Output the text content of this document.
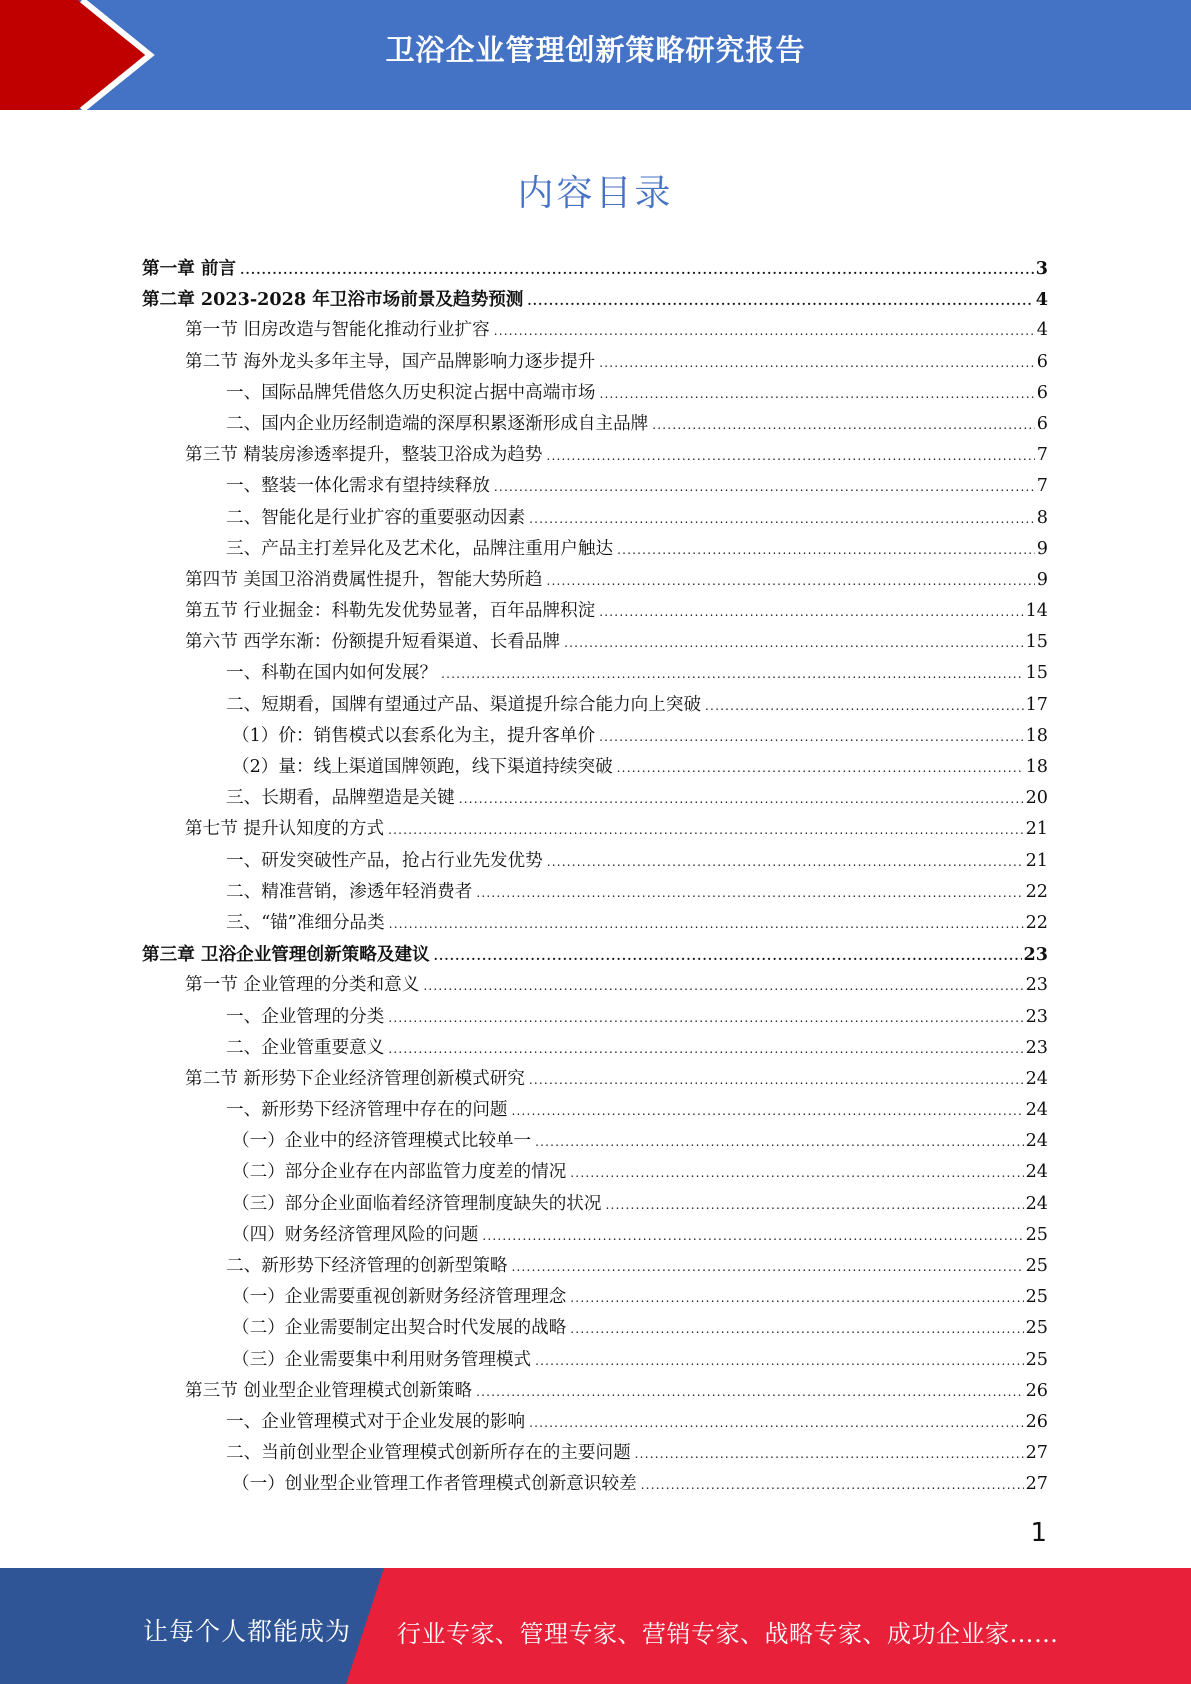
卫浴企业管理创新策略研究报告
内容目录
第一章 前言 .....	3
第二章 2023-2028 年卫浴市场前景及趋势预测 .....	4
第一节 旧房改造与智能化推动行业扩容 .....	4
第二节 海外龙头多年主导，国产品牌影响力逐步提升 .....	6
一、国际品牌凭借悠久历史积淀占据中高端市场 .....	6
二、国内企业历经制造端的深厚积累逐渐形成自主品牌 .....	6
第三节 精装房渗透率提升，整装卫浴成为趋势 .....	7
一、整装一体化需求有望持续释放 .....	7
二、智能化是行业扩容的重要驱动因素 .....	8
三、产品主打差异化及艺术化，品牌注重用户触达 .....	9
第四节 美国卫浴消费属性提升，智能大势所趋 .....	9
第五节 行业掘金：科勒先发优势显著，百年品牌积淀 .....	14
第六节 西学东渐：份额提升短看渠道、长看品牌 .....	15
一、科勒在国内如何发展？ .....	15
二、短期看，国牌有望通过产品、渠道提升综合能力向上突破 .....	17
（1）价：销售模式以套系化为主，提升客单价 .....	18
（2）量：线上渠道国牌领跑，线下渠道持续突破 .....	18
三、长期看，品牌塑造是关键 .....	20
第七节 提升认知度的方式 .....	21
一、研发突破性产品，抢占行业先发优势 .....	21
二、精准营销，渗透年轻消费者 .....	22
三、“锚”准细分品类 .....	22
第三章 卫浴企业管理创新策略及建议 .....	23
第一节 企业管理的分类和意义 .....	23
一、企业管理的分类 .....	23
二、企业管重要意义 .....	23
第二节 新形势下企业经济管理创新模式研究 .....	24
一、新形势下经济管理中存在的问题 .....	24
（一）企业中的经济管理模式比较单一 .....	24
（二）部分企业存在内部监管力度差的情况 .....	24
（三）部分企业面临着经济管理制度缺失的状况 .....	24
（四）财务经济管理风险的问题 .....	25
二、新形势下经济管理的创新型策略 .....	25
（一）企业需要重视创新财务经济管理理念 .....	25
（二）企业需要制定出契合时代发展的战略 .....	25
（三）企业需要集中利用财务管理模式 .....	25
第三节 创业型企业管理模式创新策略 .....	26
一、企业管理模式对于企业发展的影响 .....	26
二、当前创业型企业管理模式创新所存在的主要问题 .....	27
（一）创业型企业管理工作者管理模式创新意识较差 .....	27
1
让每个人都能成为 行业专家、管理专家、营销专家、战略专家、成功企业家……
